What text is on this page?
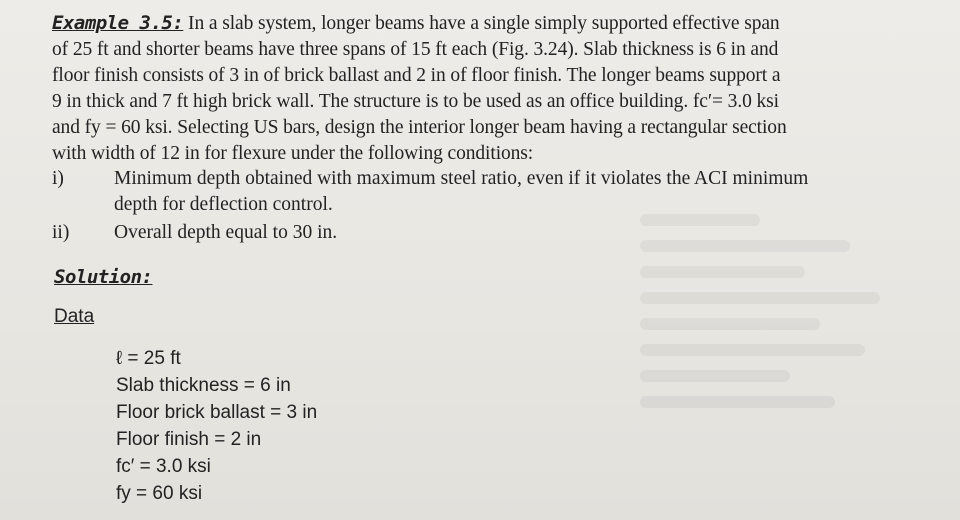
Example 3.5: In a slab system, longer beams have a single simply supported effective span
of 25 ft and shorter beams have three spans of 15 ft each (Fig. 3.24). Slab thickness is 6 in and
floor finish consists of 3 in of brick ballast and 2 in of floor finish. The longer beams support a
9 in thick and 7 ft high brick wall. The structure is to be used as an office building. fc′= 3.0 ksi
and fy = 60 ksi. Selecting US bars, design the interior longer beam having a rectangular section
with width of 12 in for flexure under the following conditions:
i)	Minimum depth obtained with maximum steel ratio, even if it violates the ACI minimum
depth for deflection control.
ii)	Overall depth equal to 30 in.
Solution:
Data
ℓ = 25 ft
Slab thickness = 6 in
Floor brick ballast = 3 in
Floor finish = 2 in
fc′ = 3.0 ksi
fy = 60 ksi
